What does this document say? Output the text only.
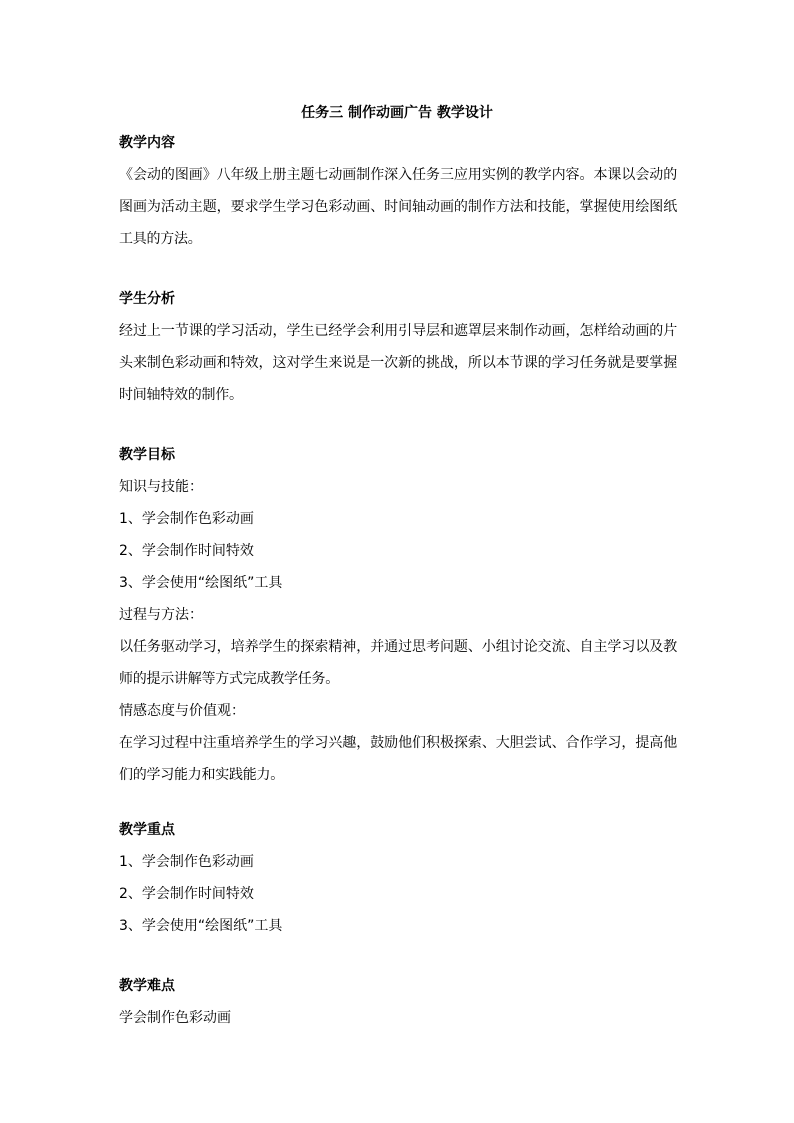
任务三 制作动画广告 教学设计
教学内容
《会动的图画》八年级上册主题七动画制作深入任务三应用实例的教学内容。本课以会动的图画为活动主题，要求学生学习色彩动画、时间轴动画的制作方法和技能，掌握使用绘图纸工具的方法。
学生分析
经过上一节课的学习活动，学生已经学会利用引导层和遮罩层来制作动画，怎样给动画的片头来制色彩动画和特效，这对学生来说是一次新的挑战，所以本节课的学习任务就是要掌握时间轴特效的制作。
教学目标
知识与技能：
1、学会制作色彩动画
2、学会制作时间特效
3、学会使用“绘图纸”工具
过程与方法：
以任务驱动学习，培养学生的探索精神，并通过思考问题、小组讨论交流、自主学习以及教师的提示讲解等方式完成教学任务。
情感态度与价值观：
在学习过程中注重培养学生的学习兴趣，鼓励他们积极探索、大胆尝试、合作学习，提高他们的学习能力和实践能力。
教学重点
1、学会制作色彩动画
2、学会制作时间特效
3、学会使用“绘图纸”工具
教学难点
学会制作色彩动画
